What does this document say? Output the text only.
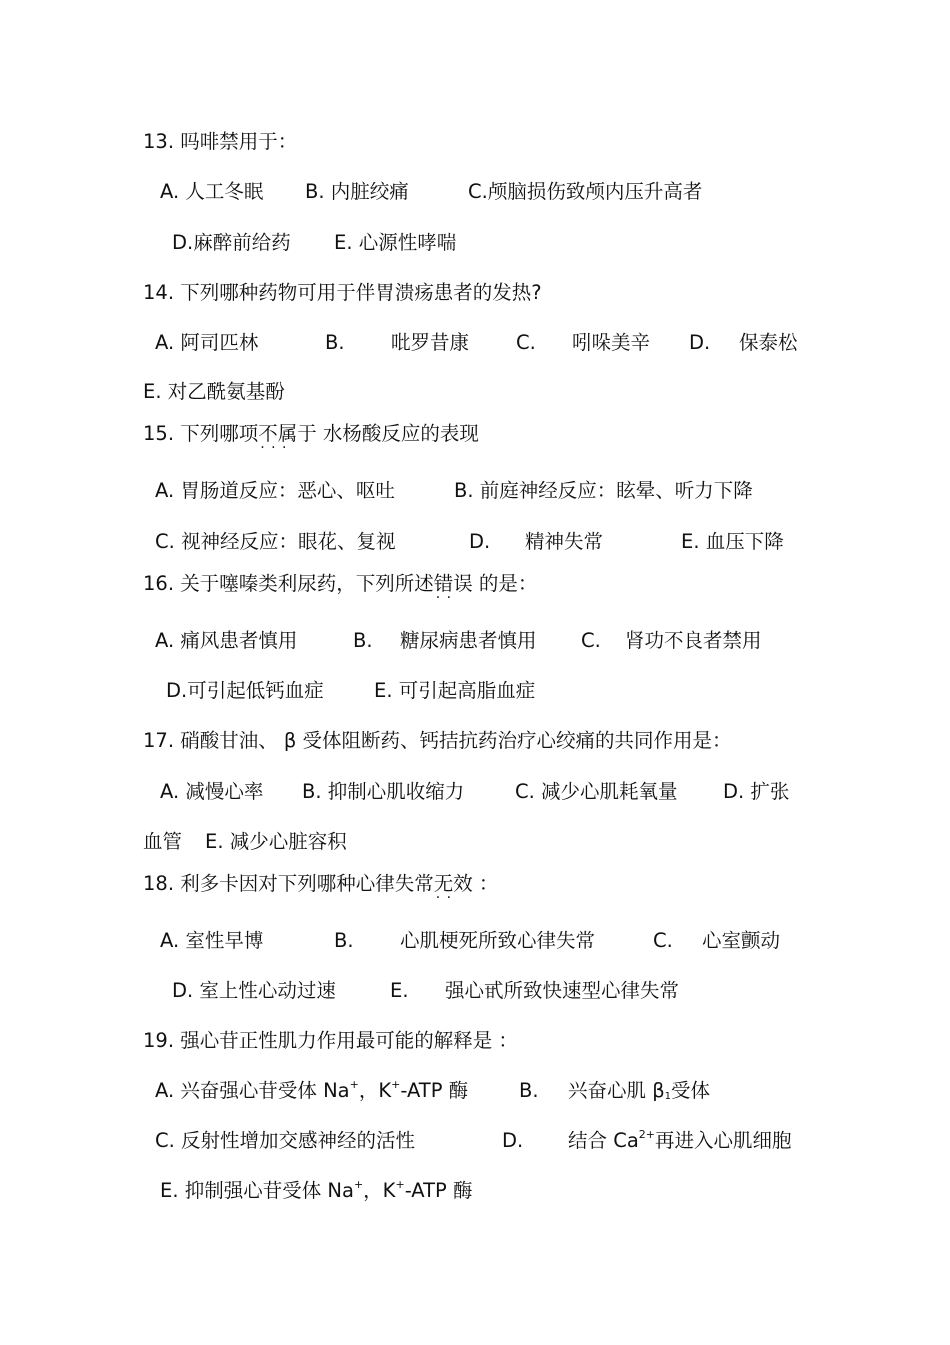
13. 吗啡禁用于：
A. 人工冬眠 B. 内脏绞痛	C.颅脑损伤致颅内压升高者
D.麻醉前给药 E. 心源性哮喘
14. 下列哪种药物可用于伴胃溃疡患者的发热?
A. 阿司匹林	B. 吡罗昔康 C. 吲哚美辛 D. 保泰松
E. 对乙酰氨基酚
15. 下列哪项不属于 · · · 水杨酸反应的表现
A. 胃肠道反应：恶心、呕吐	B. 前庭神经反应：眩晕、听力下降
C. 视神经反应：眼花、复视	D. 精神失常	E. 血压下降
16. 关于噻嗪类利尿药，下列所述错误 · · 的是：
A. 痛风患者慎用	B. 糖尿病患者慎用 C. 肾功不良者禁用
D.可引起低钙血症	E. 可引起高脂血症
17. 硝酸甘油、 β 受体阻断药、钙拮抗药治疗心绞痛的共同作用是：
A. 减慢心率 B. 抑制心肌收缩力	C. 减少心肌耗氧量 D. 扩张
血管 E. 减少心脏容积
18. 利多卡因对下列哪种心律失常无效 · · ：
A. 室性早博	B. 心肌梗死所致心律失常	C. 心室颤动
D. 室上性心动过速	E. 强心甙所致快速型心律失常
19. 强心苷正性肌力作用最可能的解释是 ：
A. 兴奋强心苷受体 Na+，K+-ATP 酶	B. 兴奋心肌 $\beta_1$受体
C. 反射性增加交感神经的活性	D. 结合 $Ca^{2+}$再进入心肌细胞
E. 抑制强心苷受体 Na+，K+-ATP 酶
